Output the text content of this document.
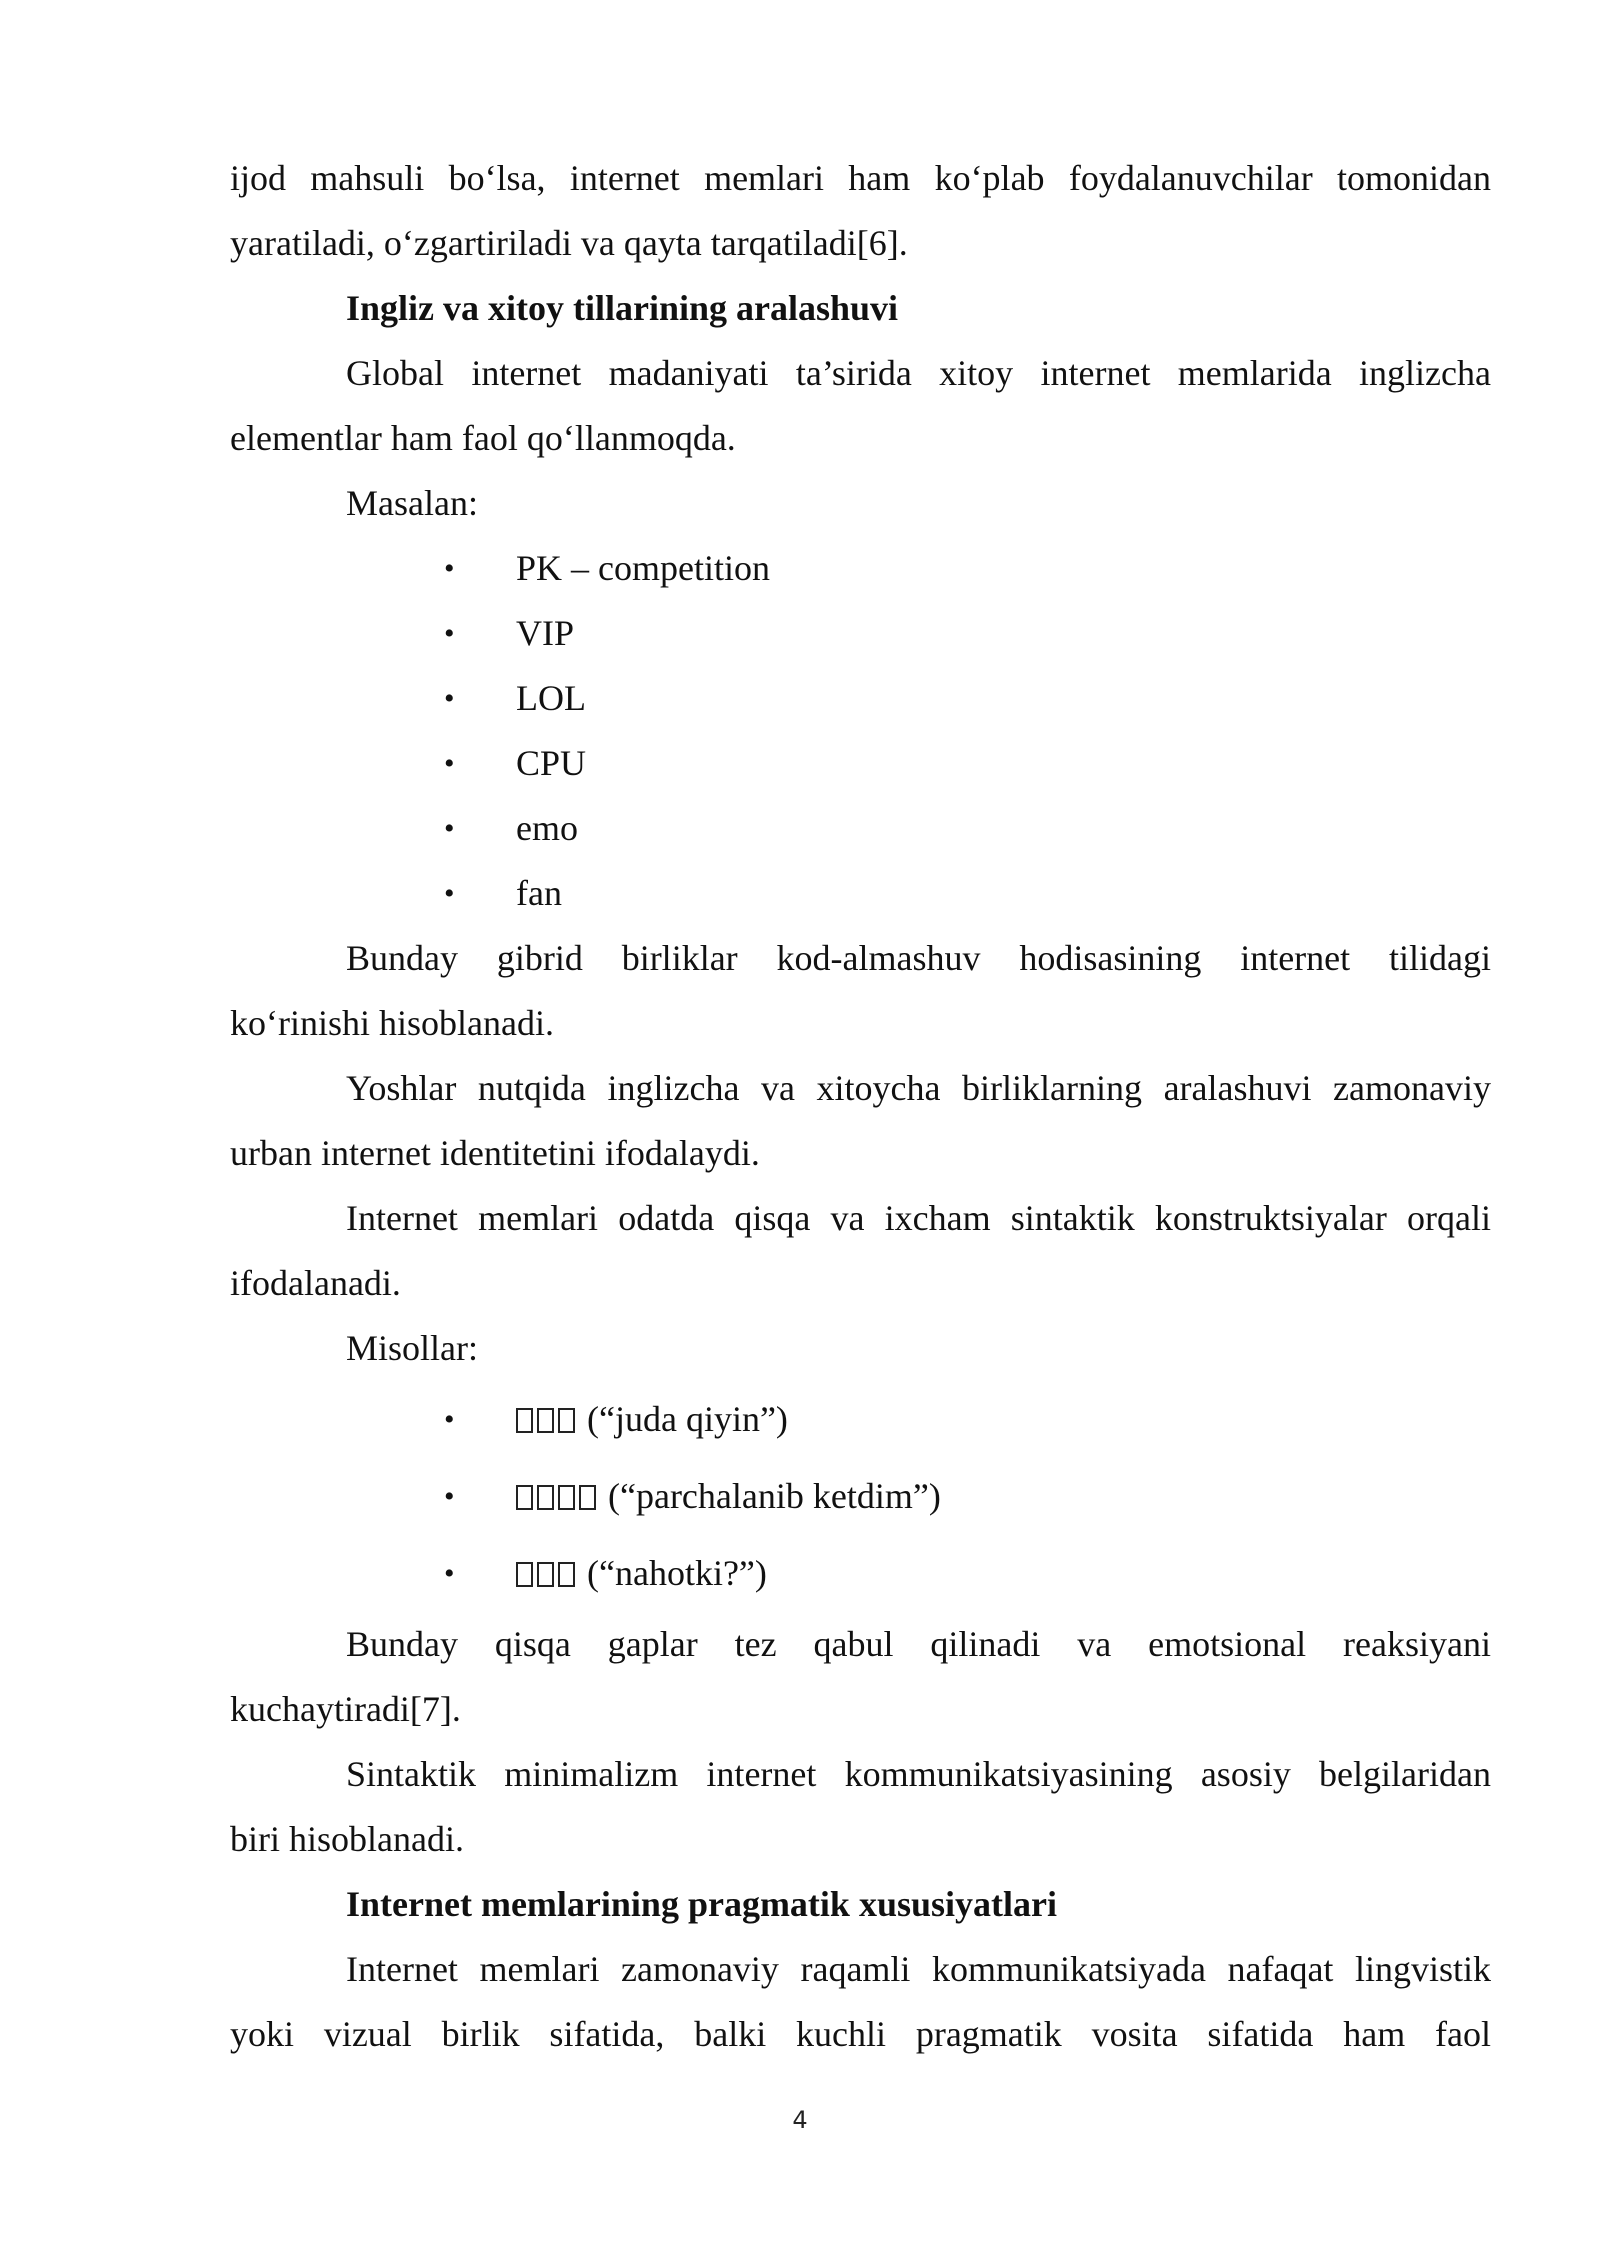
ijod mahsuli bo‘lsa, internet memlari ham ko‘plab foydalanuvchilar tomonidan
yaratiladi, o‘zgartiriladi va qayta tarqatiladi[6].
Ingliz va xitoy tillarining aralashuvi
Global internet madaniyati ta’sirida xitoy internet memlarida inglizcha
elementlar ham faol qo‘llanmoqda.
Masalan:
• PK – competition
• VIP
• LOL
• CPU
• emo
• fan
Bunday gibrid birliklar kod-almashuv hodisasining internet tilidagi
ko‘rinishi hisoblanadi.
Yoshlar nutqida inglizcha va xitoycha birliklarning aralashuvi zamonaviy
urban internet identitetini ifodalaydi.
Internet memlari odatda qisqa va ixcham sintaktik konstruktsiyalar orqali
ifodalanadi.
Misollar:
•	(“juda qiyin”)
•	(“parchalanib ketdim”)
•	(“nahotki?”)
Bunday qisqa gaplar tez qabul qilinadi va emotsional reaksiyani
kuchaytiradi[7].
Sintaktik minimalizm internet kommunikatsiyasining asosiy belgilaridan
biri hisoblanadi.
Internet memlarining pragmatik xususiyatlari
Internet memlari zamonaviy raqamli kommunikatsiyada nafaqat lingvistik
yoki vizual birlik sifatida, balki kuchli pragmatik vosita sifatida ham faol
4
